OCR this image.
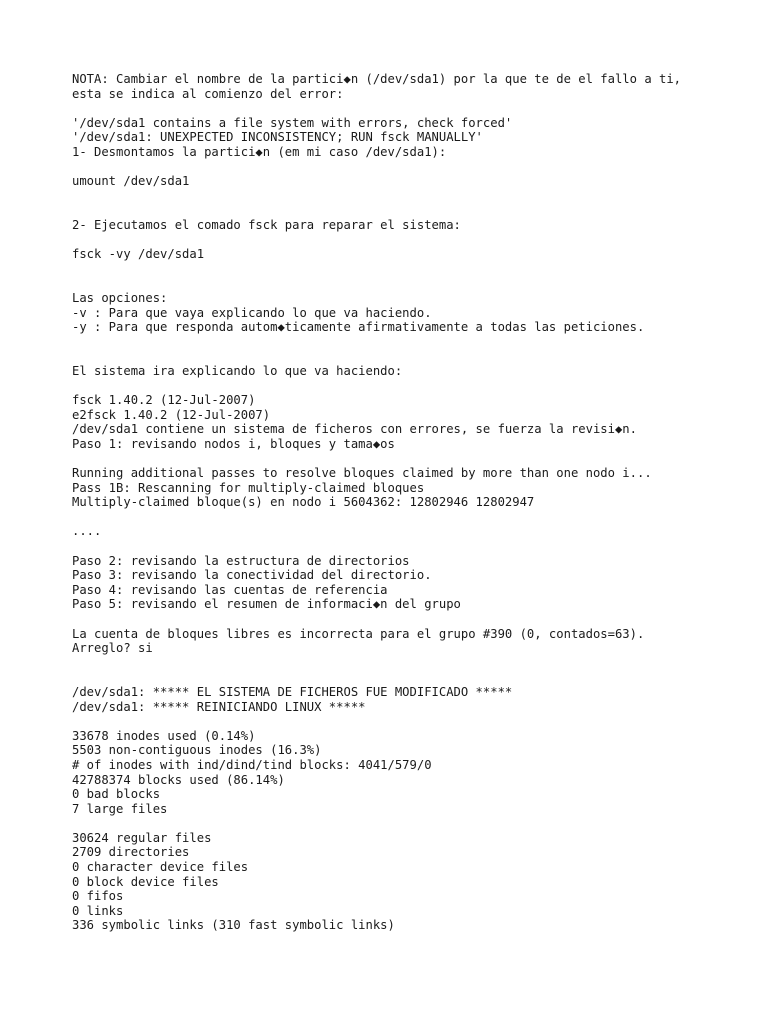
NOTA: Cambiar el nombre de la partici◆n (/dev/sda1) por la que te de el fallo a ti,
esta se indica al comienzo del error:
'/dev/sda1 contains a file system with errors, check forced'
'/dev/sda1: UNEXPECTED INCONSISTENCY; RUN fsck MANUALLY'
1- Desmontamos la partici◆n (em mi caso /dev/sda1):
umount /dev/sda1
2- Ejecutamos el comado fsck para reparar el sistema:
fsck -vy /dev/sda1
Las opciones:
-v : Para que vaya explicando lo que va haciendo.
-y : Para que responda autom◆ticamente afirmativamente a todas las peticiones.
El sistema ira explicando lo que va haciendo:
fsck 1.40.2 (12-Jul-2007)
e2fsck 1.40.2 (12-Jul-2007)
/dev/sda1 contiene un sistema de ficheros con errores, se fuerza la revisi◆n.
Paso 1: revisando nodos i, bloques y tama◆os
Running additional passes to resolve bloques claimed by more than one nodo i...
Pass 1B: Rescanning for multiply-claimed bloques
Multiply-claimed bloque(s) en nodo i 5604362: 12802946 12802947
....
Paso 2: revisando la estructura de directorios
Paso 3: revisando la conectividad del directorio.
Paso 4: revisando las cuentas de referencia
Paso 5: revisando el resumen de informaci◆n del grupo
La cuenta de bloques libres es incorrecta para el grupo #390 (0, contados=63).
Arreglo? si
/dev/sda1: ***** EL SISTEMA DE FICHEROS FUE MODIFICADO *****
/dev/sda1: ***** REINICIANDO LINUX *****
33678 inodes used (0.14%)
5503 non-contiguous inodes (16.3%)
# of inodes with ind/dind/tind blocks: 4041/579/0
42788374 blocks used (86.14%)
0 bad blocks
7 large files
30624 regular files
2709 directories
0 character device files
0 block device files
0 fifos
0 links
336 symbolic links (310 fast symbolic links)
